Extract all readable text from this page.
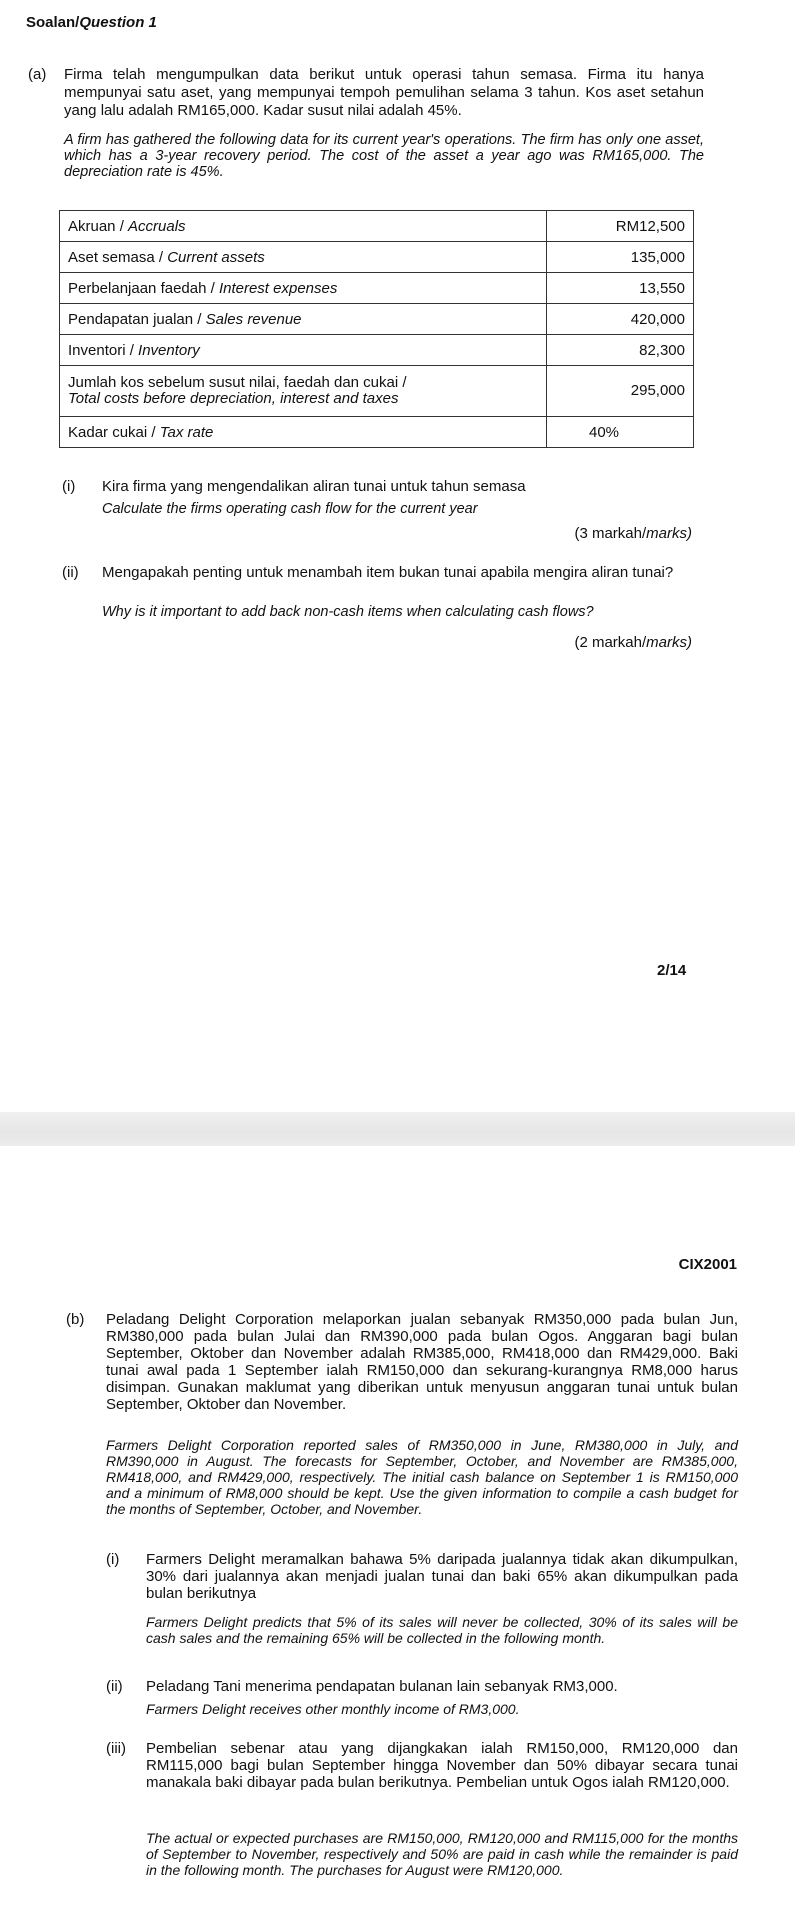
Soalan/Question 1
(a) Firma telah mengumpulkan data berikut untuk operasi tahun semasa. Firma itu hanya mempunyai satu aset, yang mempunyai tempoh pemulihan selama 3 tahun. Kos aset setahun yang lalu adalah RM165,000. Kadar susut nilai adalah 45%.
A firm has gathered the following data for its current year's operations. The firm has only one asset, which has a 3-year recovery period. The cost of the asset a year ago was RM165,000. The depreciation rate is 45%.
Akruan / Accruals	RM12,500
Aset semasa / Current assets	135,000
Perbelanjaan faedah / Interest expenses	13,550
Pendapatan jualan / Sales revenue	420,000
Inventori / Inventory	82,300
Jumlah kos sebelum susut nilai, faedah dan cukai /
Total costs before depreciation, interest and taxes	295,000
Kadar cukai / Tax rate	40%
(i) Kira firma yang mengendalikan aliran tunai untuk tahun semasa
Calculate the firms operating cash flow for the current year
(3 markah/marks)
(ii) Mengapakah penting untuk menambah item bukan tunai apabila mengira aliran tunai?
Why is it important to add back non-cash items when calculating cash flows?
(2 markah/marks)
2/14
CIX2001
(b) Peladang Delight Corporation melaporkan jualan sebanyak RM350,000 pada bulan Jun, RM380,000 pada bulan Julai dan RM390,000 pada bulan Ogos. Anggaran bagi bulan September, Oktober dan November adalah RM385,000, RM418,000 dan RM429,000. Baki tunai awal pada 1 September ialah RM150,000 dan sekurang-kurangnya RM8,000 harus disimpan. Gunakan maklumat yang diberikan untuk menyusun anggaran tunai untuk bulan September, Oktober dan November.
Farmers Delight Corporation reported sales of RM350,000 in June, RM380,000 in July, and RM390,000 in August. The forecasts for September, October, and November are RM385,000, RM418,000, and RM429,000, respectively. The initial cash balance on September 1 is RM150,000 and a minimum of RM8,000 should be kept. Use the given information to compile a cash budget for the months of September, October, and November.
(i) Farmers Delight meramalkan bahawa 5% daripada jualannya tidak akan dikumpulkan, 30% dari jualannya akan menjadi jualan tunai dan baki 65% akan dikumpulkan pada bulan berikutnya
Farmers Delight predicts that 5% of its sales will never be collected, 30% of its sales will be cash sales and the remaining 65% will be collected in the following month.
(ii) Peladang Tani menerima pendapatan bulanan lain sebanyak RM3,000.
Farmers Delight receives other monthly income of RM3,000.
(iii) Pembelian sebenar atau yang dijangkakan ialah RM150,000, RM120,000 dan RM115,000 bagi bulan September hingga November dan 50% dibayar secara tunai manakala baki dibayar pada bulan berikutnya. Pembelian untuk Ogos ialah RM120,000.
The actual or expected purchases are RM150,000, RM120,000 and RM115,000 for the months of September to November, respectively and 50% are paid in cash while the remainder is paid in the following month. The purchases for August were RM120,000.
